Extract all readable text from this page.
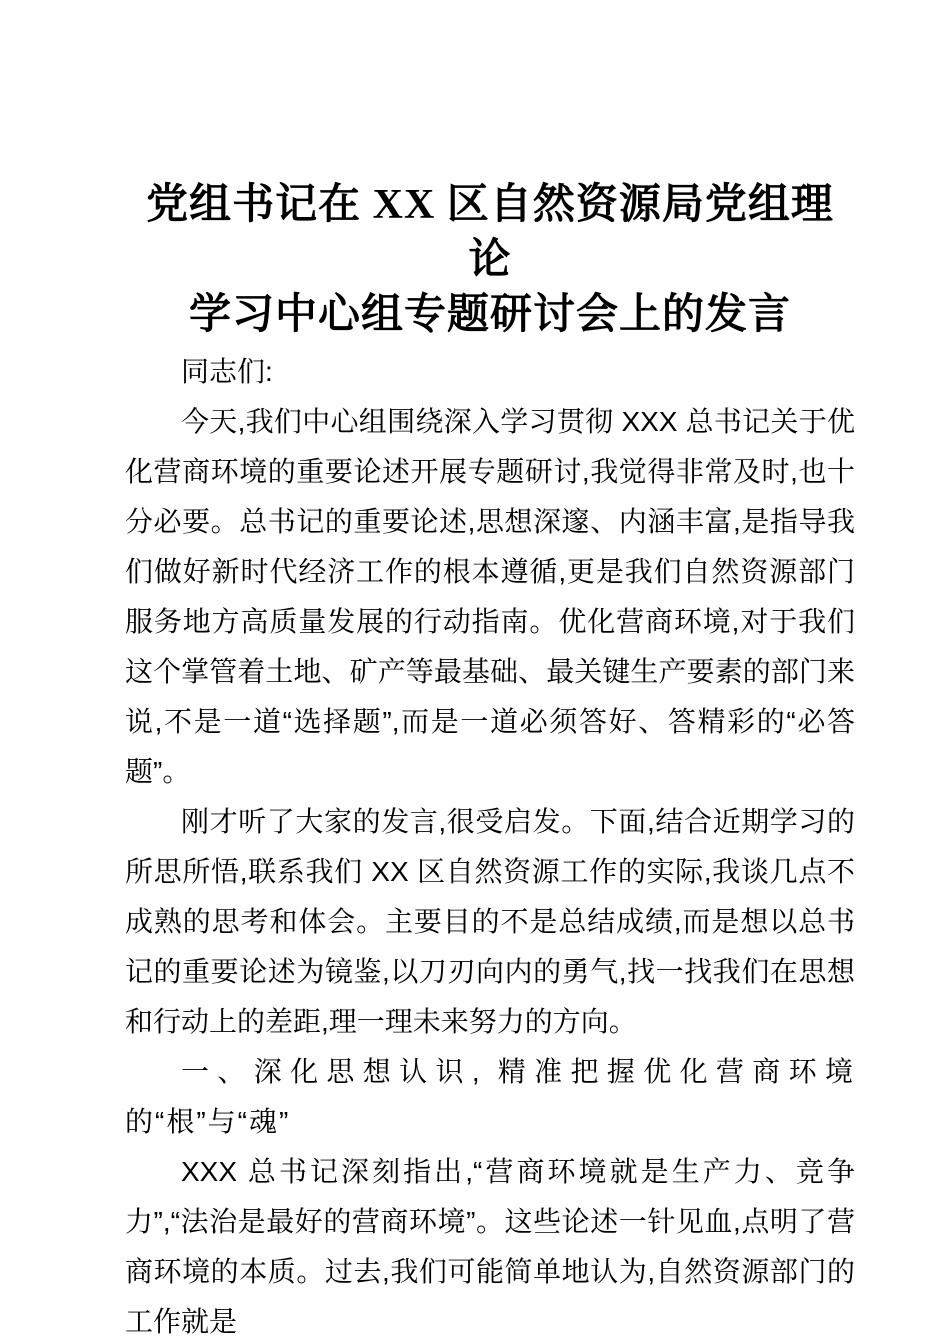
党组书记在 XX 区自然资源局党组理论
学习中心组专题研讨会上的发言

同志们:

今天,我们中心组围绕深入学习贯彻 XXX 总书记关于优化营商环境的重要论述开展专题研讨,我觉得非常及时,也十分必要。总书记的重要论述,思想深邃、内涵丰富,是指导我们做好新时代经济工作的根本遵循,更是我们自然资源部门服务地方高质量发展的行动指南。优化营商环境,对于我们这个掌管着土地、矿产等最基础、最关键生产要素的部门来说,不是一道“选择题”,而是一道必须答好、答精彩的“必答题”。

刚才听了大家的发言,很受启发。下面,结合近期学习的所思所悟,联系我们 XX 区自然资源工作的实际,我谈几点不成熟的思考和体会。主要目的不是总结成绩,而是想以总书记的重要论述为镜鉴,以刀刃向内的勇气,找一找我们在思想和行动上的差距,理一理未来努力的方向。

一、深化思想认识, 精准把握优化营商环境的“根”与“魂”

XXX 总书记深刻指出,“营商环境就是生产力、竞争力”,“法治是最好的营商环境”。这些论述一针见血,点明了营商环境的本质。过去,我们可能简单地认为,自然资源部门的工作就是
